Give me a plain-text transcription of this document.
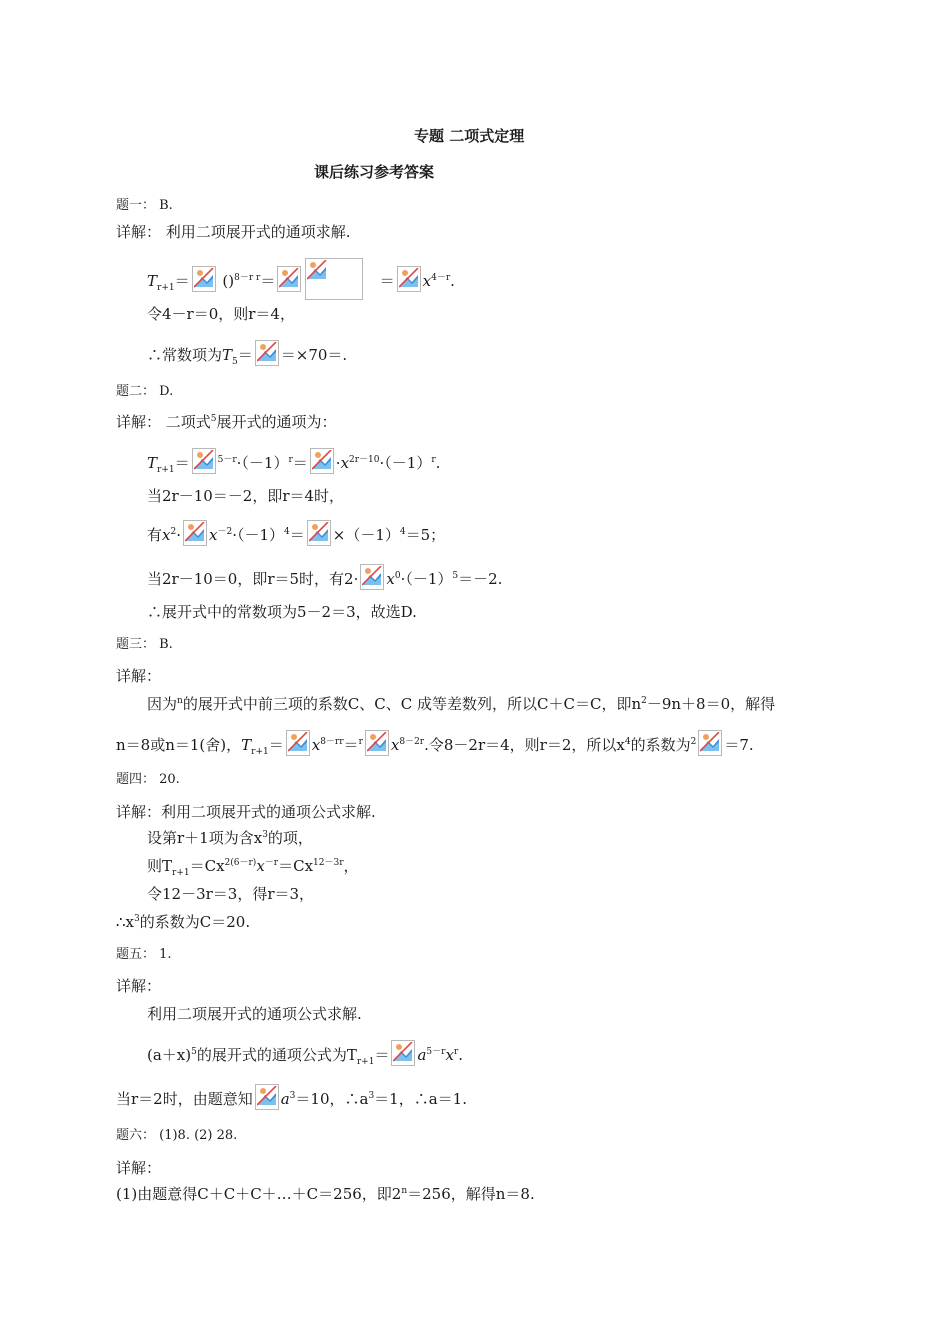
专题 二项式定理
课后练习参考答案
题一： B.
详解： 利用二项展开式的通项求解.
$T_{r+1}= ()^{8-r r}=$	＝ $x^{4-r}$.
令4－r＝0，则r＝4，
∴常数项为$T_5= =\times 70=$.
题二： D.
详解： 二项式$^5$展开式的通项为：
$T_{r+1}=$	$^{5-r}\cdot(-1)^r= \cdot x^{2r-10}\cdot(-1)^r$.
当2r－10＝－2，即r＝4时，
有$x^2\cdot x^{-2}\cdot(-1)^4= \times(-1)^4=5$；
当2r－10＝0，即r＝5时，有$2\cdot x^0\cdot(-1)^5=-2$.
∴展开式中的常数项为5－2＝3，故选D.
题三： B.
详解：
因为$^n$的展开式中前三项的系数C、C、C 成等差数列，所以C＋C＝C，即$n^2-9n+8=0$，解得
n＝8或n＝1(舍)，$T_{r+1}= x^{8-rr}=^r$ $x^{8-2r}$.令8－2r＝4，则r＝2，所以$x^4$的系数为$^2$ ＝7.
题四： 20.
详解：利用二项展开式的通项公式求解.
设第r＋1项为含$x^3$的项，
则$T_{r+1}=Cx^{2(6-r)}x^{-r}=Cx^{12-3r}$，
令12－3r＝3，得r＝3，
$\therefore x^3$的系数为C＝20.
题五： 1.
详解：
利用二项展开式的通项公式求解.
$(a+x)^5$的展开式的通项公式为$T_{r+1}= a^{5-r}x^r$.
当r＝2时，由题意知 $a^3=10$，$\therefore a^3=1$，∴a＝1.
题六： (1)8. (2) 28.
详解：
(1)由题意得C＋C＋C＋…＋C＝256，即$2^n=256$，解得n＝8.
